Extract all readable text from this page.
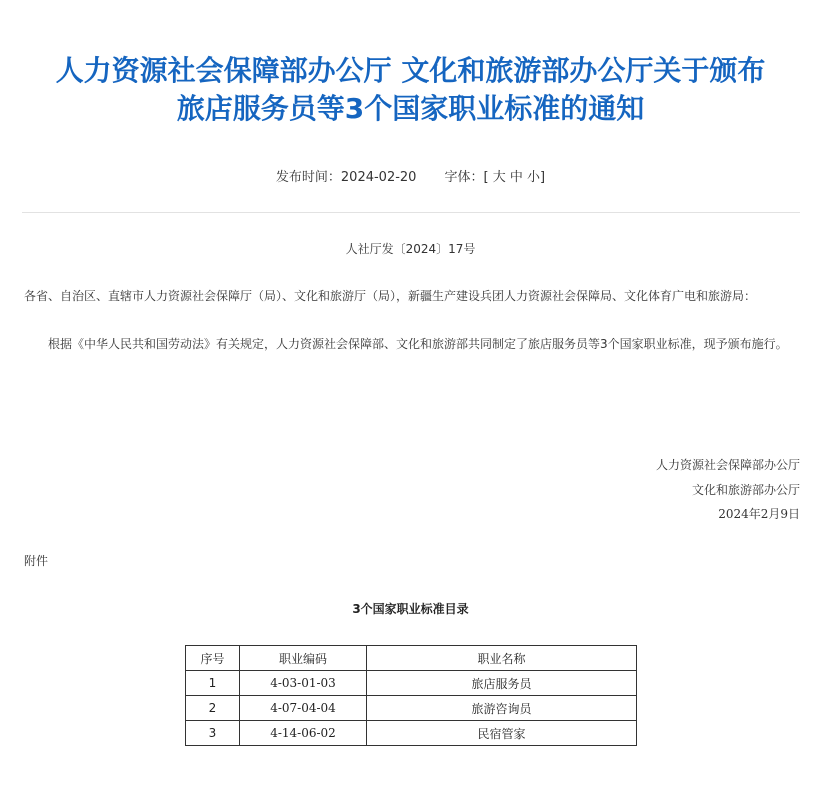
人力资源社会保障部办公厅 文化和旅游部办公厅关于颁布
旅店服务员等3个国家职业标准的通知
发布时间：2024-02-20 字体：[ 大 中 小]
人社厅发〔2024〕17号
各省、自治区、直辖市人力资源社会保障厅（局）、文化和旅游厅（局），新疆生产建设兵团人力资源社会保障局、文化体育广电和旅游局：
根据《中华人民共和国劳动法》有关规定，人力资源社会保障部、文化和旅游部共同制定了旅店服务员等3个国家职业标准，现予颁布施行。
人力资源社会保障部办公厅
文化和旅游部办公厅
2024年2月9日
附件
3个国家职业标准目录
序号	职业编码	职业名称
1	4-03-01-03	旅店服务员
2	4-07-04-04	旅游咨询员
3	4-14-06-02	民宿管家
